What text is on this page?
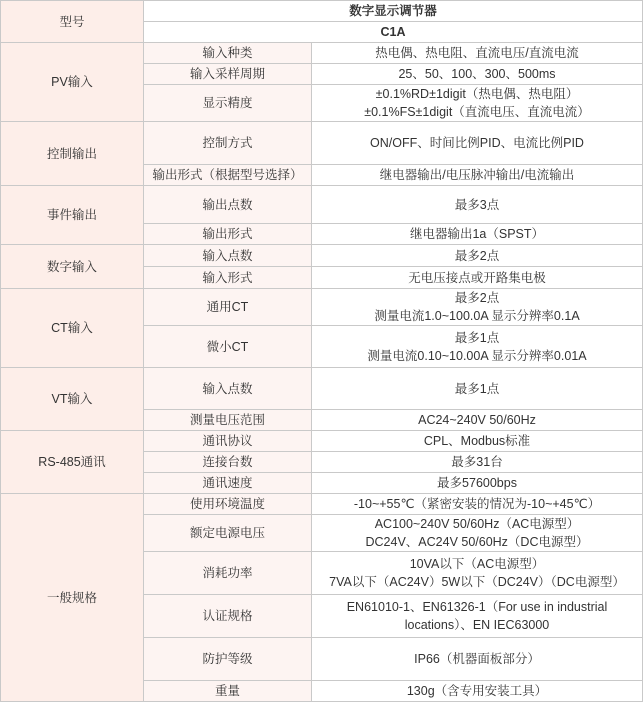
型号	数字显示调节器	
	C1A	
PV输入	输入种类	热电偶、热电阻、直流电压/直流电流

	输入采样周期	25、50、100、300、500ms

	显示精度	±0.1%RD±1digit（热电偶、热电阻）
±0.1%FS±1digit（直流电压、直流电流）

控制输出	控制方式	ON/OFF、时间比例PID、电流比例PID

	输出形式（根据型号选择）	继电器输出/电压脉冲输出/电流输出

事件输出	输出点数	最多3点

	输出形式	继电器输出1a（SPST）

数字输入	输入点数	最多2点

	输入形式	无电压接点或开路集电极

CT输入	通用CT	最多2点
测量电流1.0~100.0A 显示分辨率0.1A

	微小CT	最多1点
测量电流0.10~10.00A 显示分辨率0.01A

VT输入	输入点数	最多1点

	测量电压范围	AC24~240V 50/60Hz

RS-485通讯	通讯协议	CPL、Modbus标准

	连接台数	最多31台

	通讯速度	最多57600bps

一般规格	使用环境温度	-10~+55℃（紧密安装的情况为-10~+45℃）

	额定电源电压	AC100~240V 50/60Hz（AC电源型）
DC24V、AC24V 50/60Hz（DC电源型）

	消耗功率	10VA以下（AC电源型）
7VA以下（AC24V）5W以下（DC24V）（DC电源型）

	认证规格	EN61010-1、EN61326-1（For use in industrial
locations）、EN IEC63000

	防护等级	IP66（机器面板部分）

	重量	130g（含专用安装工具）
